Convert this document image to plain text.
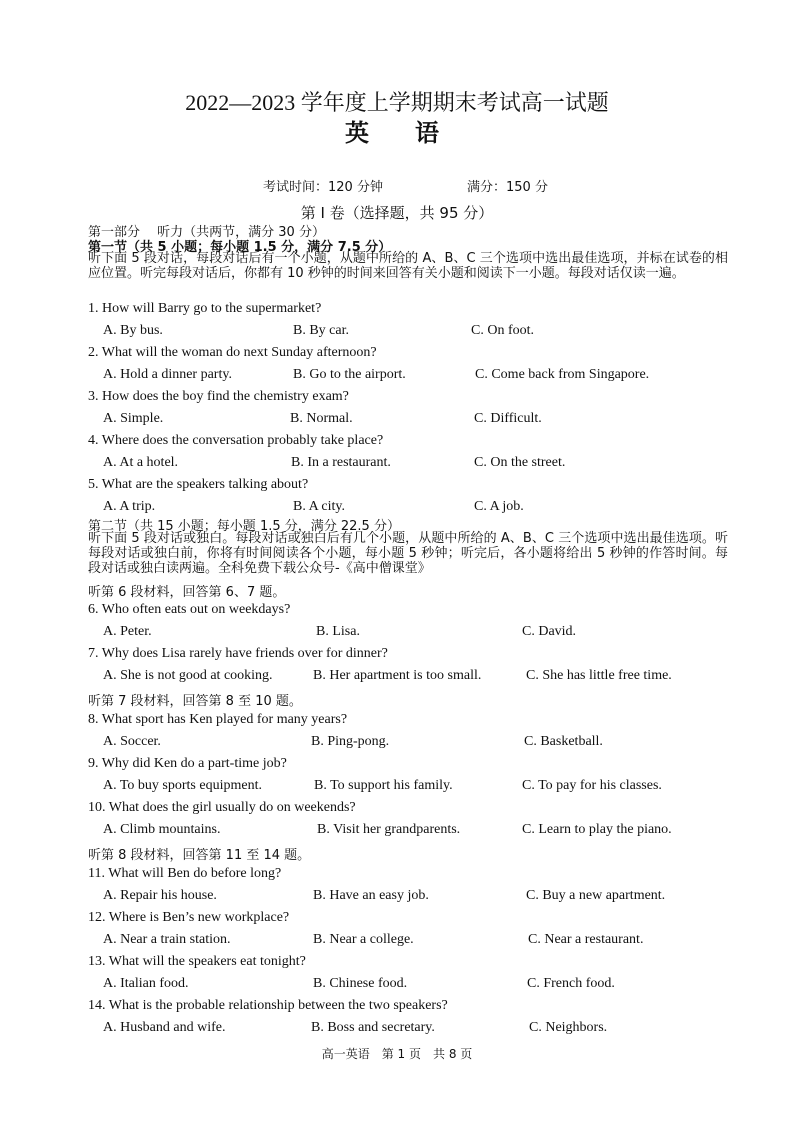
2022—2023 学年度上学期期末考试高一试题
英 语
考试时间：120 分钟	满分：150 分
第 Ⅰ 卷（选择题，共 95 分）
第一部分　 听力（共两节，满分 30 分）
第一节（共 5 小题；每小题 1.5 分，满分 7.5 分）
听下面 5 段对话，每段对话后有一个小题，从题中所给的 A、B、C 三个选项中选出最佳选项，并标在试卷的相应位置。听完每段对话后，你都有 10 秒钟的时间来回答有关小题和阅读下一小题。每段对话仅读一遍。
1. How will Barry go to the supermarket?
A. By bus.	B. By car.	C. On foot.
2. What will the woman do next Sunday afternoon?
A. Hold a dinner party.	B. Go to the airport.	C. Come back from Singapore.
3. How does the boy find the chemistry exam?
A. Simple.	B. Normal.	C. Difficult.
4. Where does the conversation probably take place?
A. At a hotel.	B. In a restaurant.	C. On the street.
5. What are the speakers talking about?
A. A trip.	B. A city.	C. A job.
第二节（共 15 小题；每小题 1.5 分，满分 22.5 分）
听下面 5 段对话或独白。每段对话或独白后有几个小题，从题中所给的 A、B、C 三个选项中选出最佳选项。听每段对话或独白前，你将有时间阅读各个小题，每小题 5 秒钟；听完后，各小题将给出 5 秒钟的作答时间。每段对话或独白读两遍。全科免费下载公众号-《高中僧课堂》
听第 6 段材料，回答第 6、7 题。
6. Who often eats out on weekdays?
A. Peter.	B. Lisa.	C. David.
7. Why does Lisa rarely have friends over for dinner?
A. She is not good at cooking.	B. Her apartment is too small.	C. She has little free time.
听第 7 段材料，回答第 8 至 10 题。
8. What sport has Ken played for many years?
A. Soccer.	B. Ping-pong.	C. Basketball.
9. Why did Ken do a part-time job?
A. To buy sports equipment.	B. To support his family.	C. To pay for his classes.
10. What does the girl usually do on weekends?
A. Climb mountains.	B. Visit her grandparents.	C. Learn to play the piano.
听第 8 段材料，回答第 11 至 14 题。
11. What will Ben do before long?
A. Repair his house.	B. Have an easy job.	C. Buy a new apartment.
12. Where is Ben’s new workplace?
A. Near a train station.	B. Near a college.	C. Near a restaurant.
13. What will the speakers eat tonight?
A. Italian food.	B. Chinese food.	C. French food.
14. What is the probable relationship between the two speakers?
A. Husband and wife.	B. Boss and secretary.	C. Neighbors.
高一英语　第 1 页　共 8 页
